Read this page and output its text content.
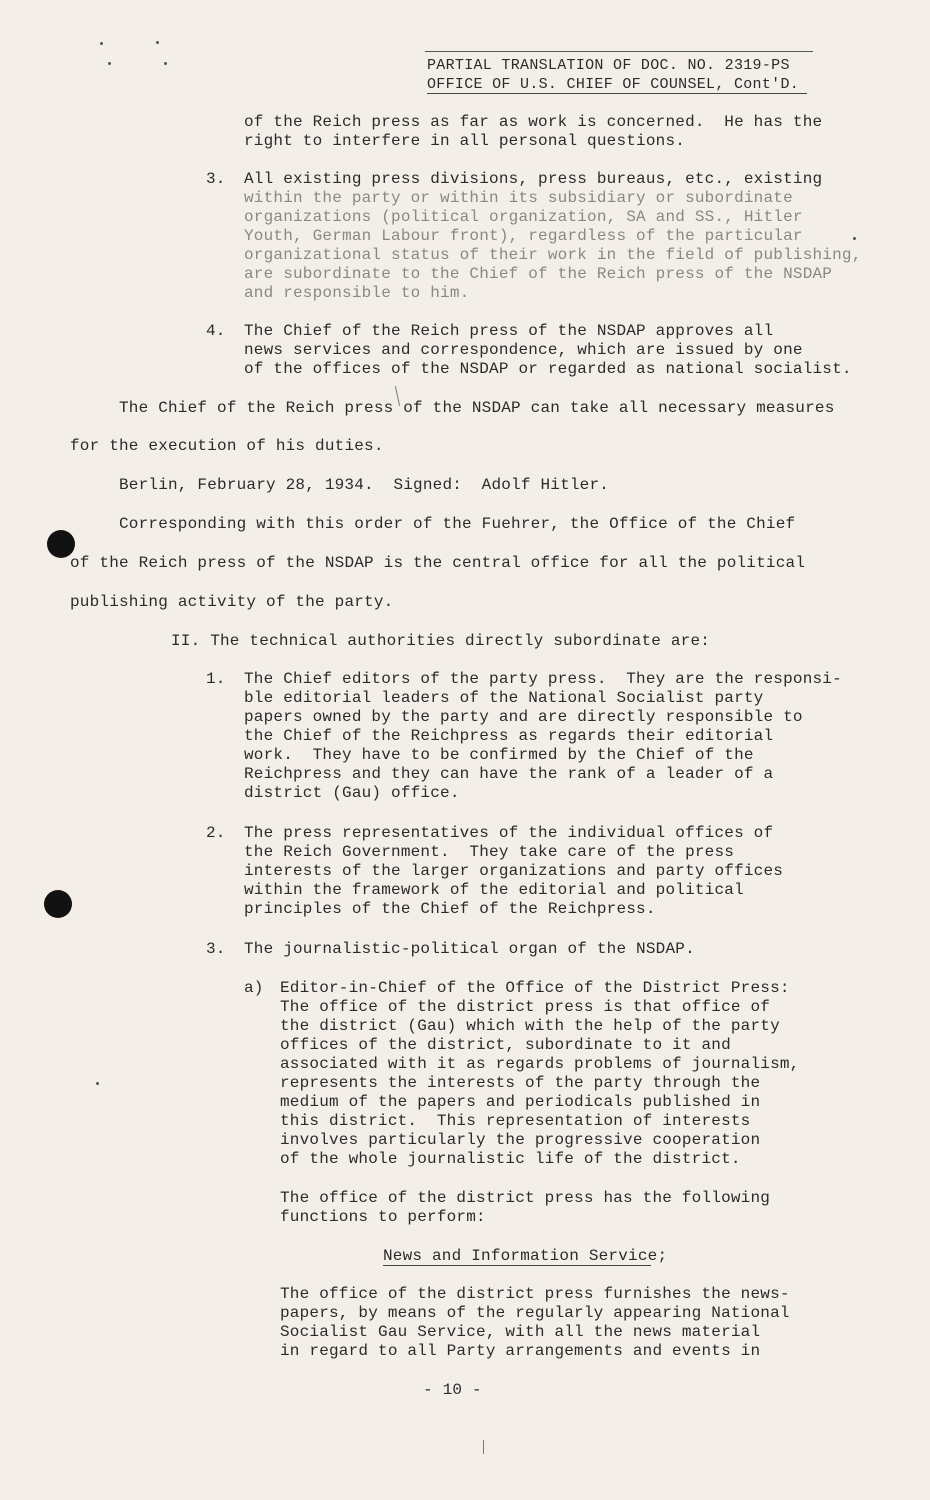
PARTIAL TRANSLATION OF DOC. NO. 2319-PS
OFFICE OF U.S. CHIEF OF COUNSEL, Cont'D.
of the Reich press as far as work is concerned.  He has the
right to interfere in all personal questions.
3. All existing press divisions, press bureaus, etc., existing
within the party or within its subsidiary or subordinate
organizations (political organization, SA and SS., Hitler
Youth, German Labour front), regardless of the particular
organizational status of their work in the field of publishing,
are subordinate to the Chief of the Reich press of the NSDAP
and responsible to him.
4. The Chief of the Reich press of the NSDAP approves all
news services and correspondence, which are issued by one
of the offices of the NSDAP or regarded as national socialist.
The Chief of the Reich press of the NSDAP can take all necessary measures
for the execution of his duties.
Berlin, February 28, 1934.  Signed:  Adolf Hitler.
Corresponding with this order of the Fuehrer, the Office of the Chief
of the Reich press of the NSDAP is the central office for all the political
publishing activity of the party.
II. The technical authorities directly subordinate are:
1. The Chief editors of the party press.  They are the responsi-
ble editorial leaders of the National Socialist party
papers owned by the party and are directly responsible to
the Chief of the Reichpress as regards their editorial
work.  They have to be confirmed by the Chief of the
Reichpress and they can have the rank of a leader of a
district (Gau) office.
2. The press representatives of the individual offices of
the Reich Government.  They take care of the press
interests of the larger organizations and party offices
within the framework of the editorial and political
principles of the Chief of the Reichpress.
3. The journalistic-political organ of the NSDAP.
a) Editor-in-Chief of the Office of the District Press:
The office of the district press is that office of
the district (Gau) which with the help of the party
offices of the district, subordinate to it and
associated with it as regards problems of journalism,
represents the interests of the party through the
medium of the papers and periodicals published in
this district.  This representation of interests
involves particularly the progressive cooperation
of the whole journalistic life of the district.
The office of the district press has the following
functions to perform:
News and Information Service;
The office of the district press furnishes the news-
papers, by means of the regularly appearing National
Socialist Gau Service, with all the news material
in regard to all Party arrangements and events in
- 10 -
